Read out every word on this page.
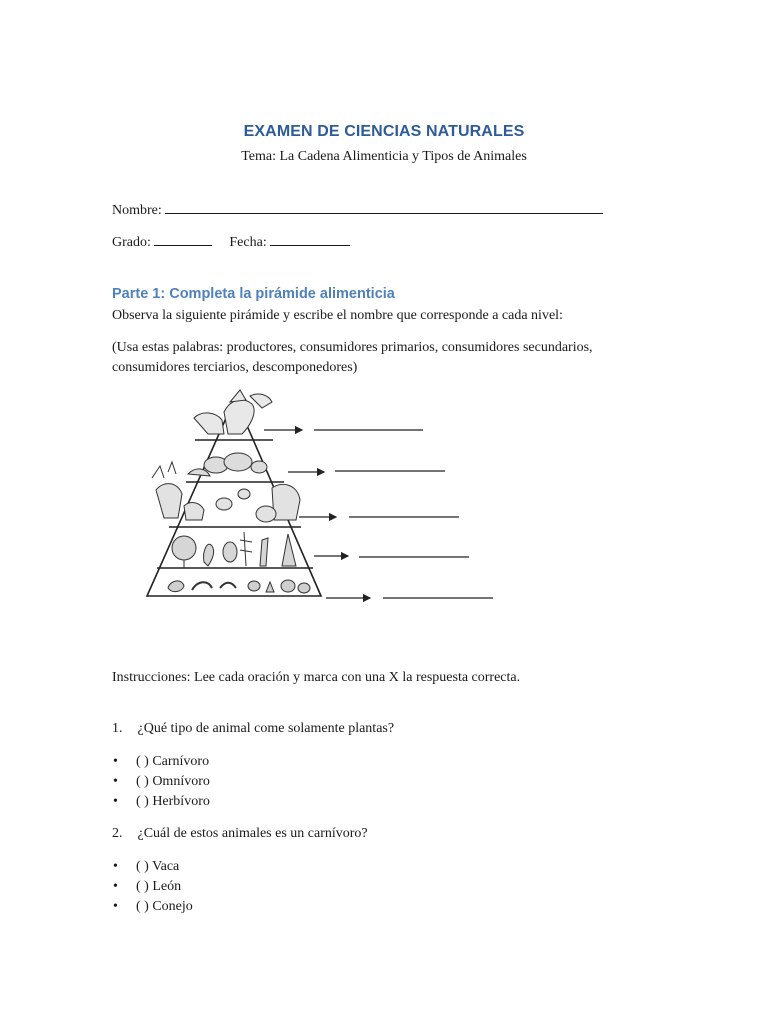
EXAMEN DE CIENCIAS NATURALES
Tema: La Cadena Alimenticia y Tipos de Animales
Nombre:
Grado:	Fecha:
Parte 1: Completa la pirámide alimenticia
Observa la siguiente pirámide y escribe el nombre que corresponde a cada nivel:
(Usa estas palabras: productores, consumidores primarios, consumidores secundarios,
consumidores terciarios, descomponedores)
Instrucciones: Lee cada oración y marca con una X la respuesta correcta.
1. ¿Qué tipo de animal come solamente plantas?
• ( ) Carnívoro
• ( ) Omnívoro
• ( ) Herbívoro
2. ¿Cuál de estos animales es un carnívoro?
• ( ) Vaca
• ( ) León
• ( ) Conejo
